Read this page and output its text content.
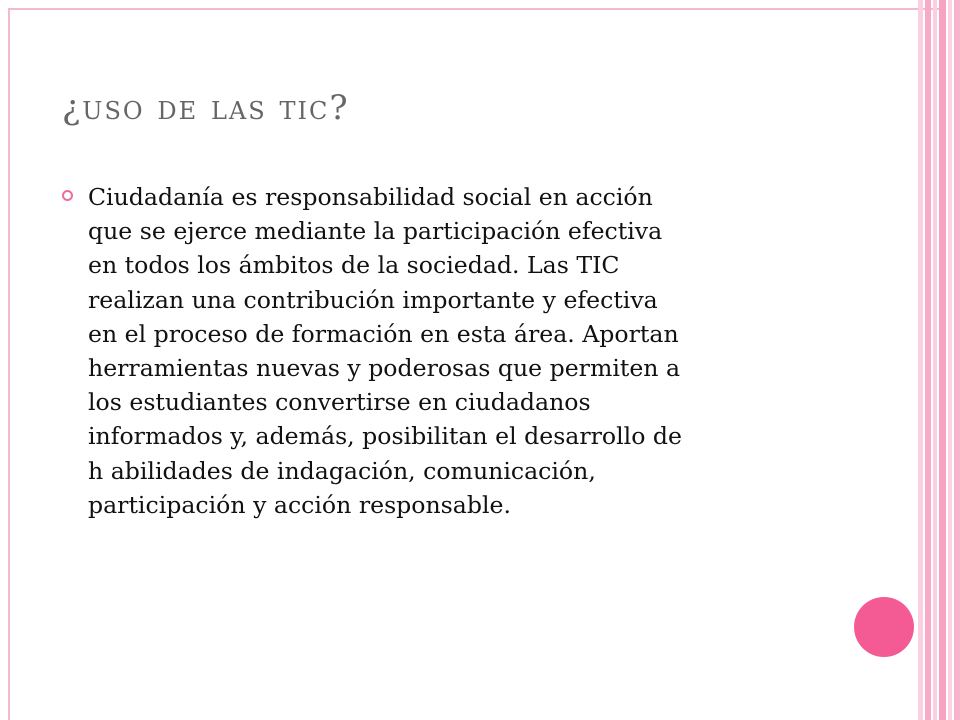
¿uso de las tic?
Ciudadanía es responsabilidad social en acción
que se ejerce mediante la participación efectiva
en todos los ámbitos de la sociedad. Las TIC
realizan una contribución importante y efectiva
en el proceso de formación en esta área. Aportan
herramientas nuevas y poderosas que permiten a
los estudiantes convertirse en ciudadanos
informados y, además, posibilitan el desarrollo de
h abilidades de indagación, comunicación,
participación y acción responsable.
